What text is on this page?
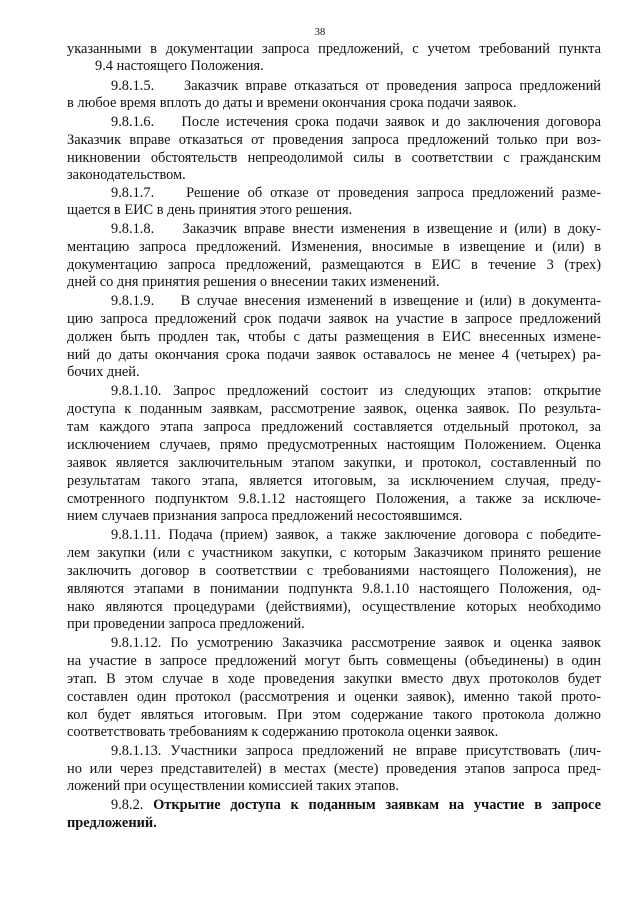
38
указанными в документации запроса предложений, с учетом требований пункта
9.4 настоящего Положения.
9.8.1.5.    Заказчик вправе отказаться от проведения запроса предложений
в любое время вплоть до даты и времени окончания срока подачи заявок.
9.8.1.6.    После истечения срока подачи заявок и до заключения договора
Заказчик вправе отказаться от проведения запроса предложений только при воз-
никновении обстоятельств непреодолимой силы в соответствии с гражданским
законодательством.
9.8.1.7.    Решение об отказе от проведения запроса предложений разме-
щается в ЕИС в день принятия этого решения.
9.8.1.8.    Заказчик вправе внести изменения в извещение и (или) в доку-
ментацию запроса предложений. Изменения, вносимые в извещение и (или) в
документацию запроса предложений, размещаются в ЕИС в течение 3 (трех)
дней со дня принятия решения о внесении таких изменений.
9.8.1.9.    В случае внесения изменений в извещение и (или) в документа-
цию запроса предложений срок подачи заявок на участие в запросе предложений
должен быть продлен так, чтобы с даты размещения в ЕИС внесенных измене-
ний до даты окончания срока подачи заявок оставалось не менее 4 (четырех) ра-
бочих дней.
9.8.1.10. Запрос предложений состоит из следующих этапов: открытие
доступа к поданным заявкам, рассмотрение заявок, оценка заявок. По результа-
там каждого этапа запроса предложений составляется отдельный протокол, за
исключением случаев, прямо предусмотренных настоящим Положением. Оценка
заявок является заключительным этапом закупки, и протокол, составленный по
результатам такого этапа, является итоговым, за исключением случая, преду-
смотренного подпунктом 9.8.1.12 настоящего Положения, а также за исключе-
нием случаев признания запроса предложений несостоявшимся.
9.8.1.11. Подача (прием) заявок, а также заключение договора с победите-
лем закупки (или с участником закупки, с которым Заказчиком принято решение
заключить договор в соответствии с требованиями настоящего Положения), не
являются этапами в понимании подпункта 9.8.1.10 настоящего Положения, од-
нако являются процедурами (действиями), осуществление которых необходимо
при проведении запроса предложений.
9.8.1.12. По усмотрению Заказчика рассмотрение заявок и оценка заявок
на участие в запросе предложений могут быть совмещены (объединены) в один
этап. В этом случае в ходе проведения закупки вместо двух протоколов будет
составлен один протокол (рассмотрения и оценки заявок), именно такой прото-
кол будет являться итоговым. При этом содержание такого протокола должно
соответствовать требованиям к содержанию протокола оценки заявок.
9.8.1.13. Участники запроса предложений не вправе присутствовать (лич-
но или через представителей) в местах (месте) проведения этапов запроса пред-
ложений при осуществлении комиссией таких этапов.
9.8.2. Открытие доступа к поданным заявкам на участие в запросе
предложений.
